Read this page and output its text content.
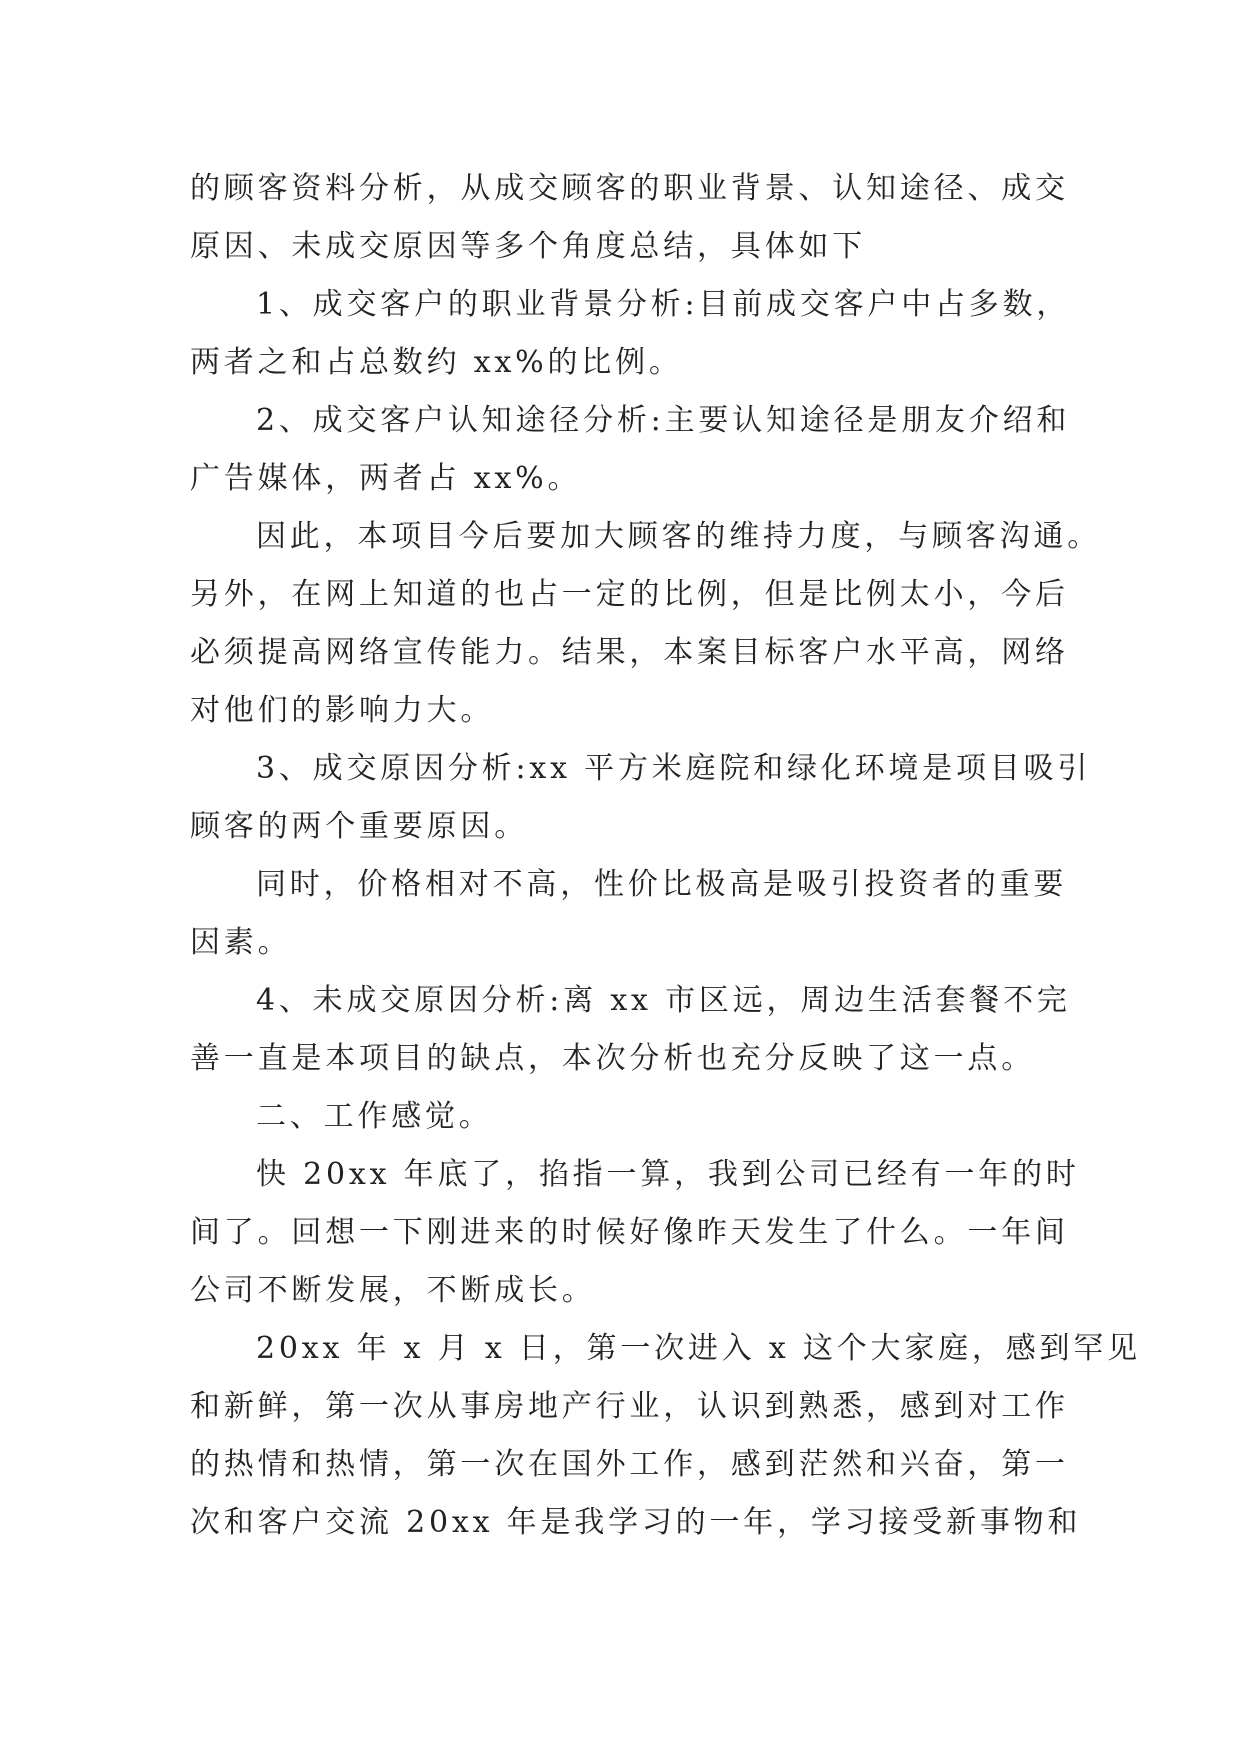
的顾客资料分析，从成交顾客的职业背景、认知途径、成交
原因、未成交原因等多个角度总结，具体如下
1、成交客户的职业背景分析:目前成交客户中占多数，
两者之和占总数约 xx%的比例。
2、成交客户认知途径分析:主要认知途径是朋友介绍和
广告媒体，两者占 xx%。
因此，本项目今后要加大顾客的维持力度，与顾客沟通。
另外，在网上知道的也占一定的比例，但是比例太小，今后
必须提高网络宣传能力。结果，本案目标客户水平高，网络
对他们的影响力大。
3、成交原因分析:xx 平方米庭院和绿化环境是项目吸引
顾客的两个重要原因。
同时，价格相对不高，性价比极高是吸引投资者的重要
因素。
4、未成交原因分析:离 xx 市区远，周边生活套餐不完
善一直是本项目的缺点，本次分析也充分反映了这一点。
二、工作感觉。
快 20xx 年底了，掐指一算，我到公司已经有一年的时
间了。回想一下刚进来的时候好像昨天发生了什么。一年间
公司不断发展，不断成长。
20xx 年 x 月 x 日，第一次进入 x 这个大家庭，感到罕见
和新鲜，第一次从事房地产行业，认识到熟悉，感到对工作
的热情和热情，第一次在国外工作，感到茫然和兴奋，第一
次和客户交流 20xx 年是我学习的一年，学习接受新事物和
